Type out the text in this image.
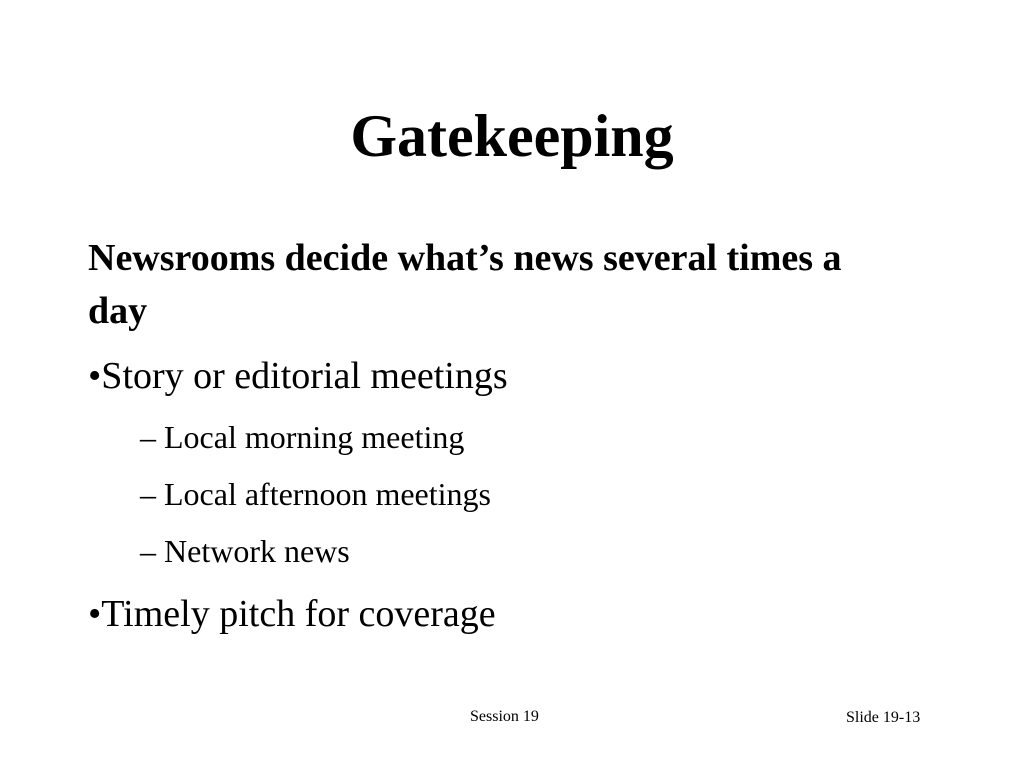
Gatekeeping

Newsrooms decide what’s news several times a day

•Story or editorial meetings

– Local morning meeting

– Local afternoon meetings

– Network news

•Timely pitch for coverage

Session 19	Slide 19-13
